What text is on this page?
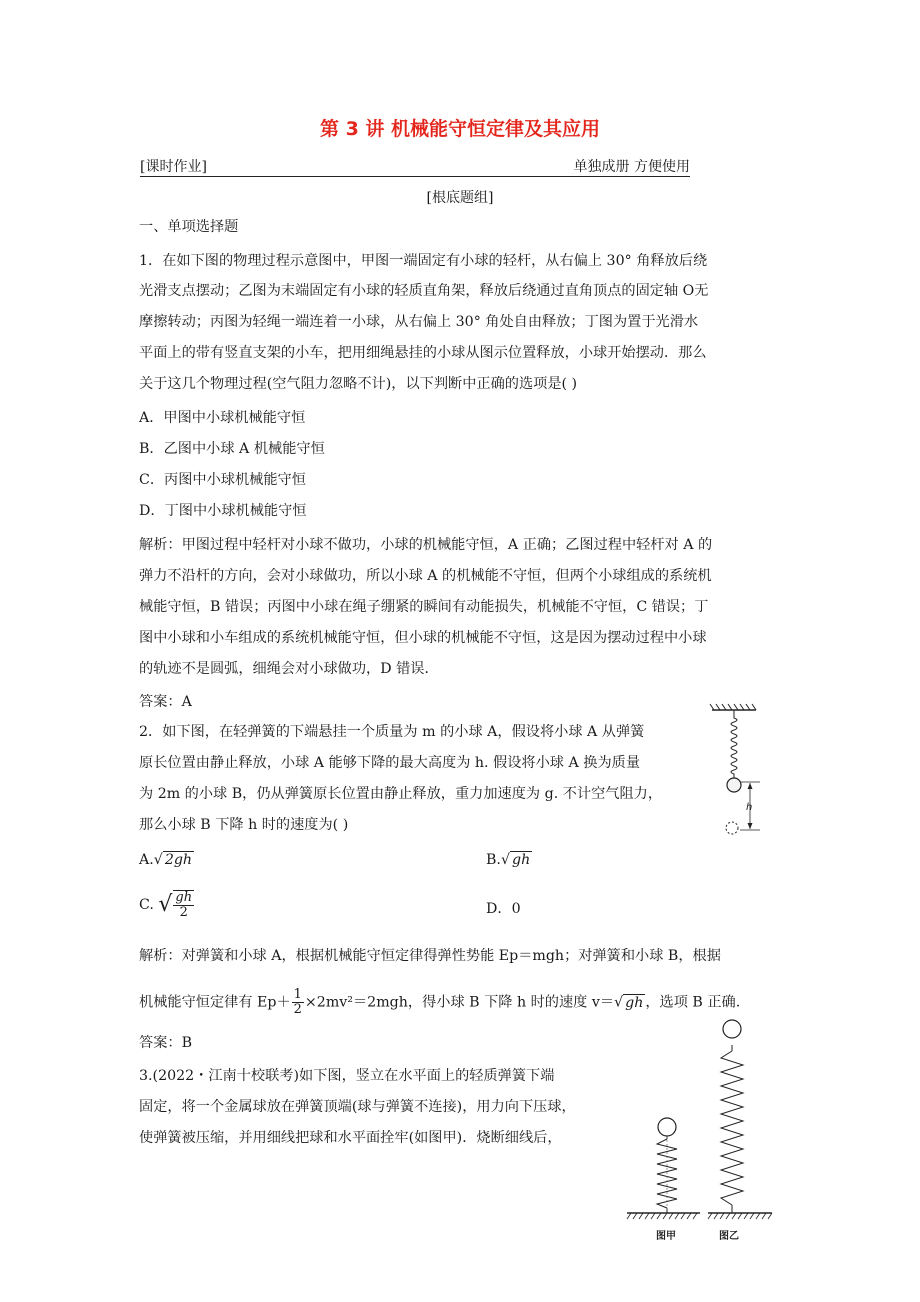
第 3 讲 机械能守恒定律及其应用
[课时作业]	单独成册 方便使用
[根底题组]
一、单项选择题
1．在如下图的物理过程示意图中，甲图一端固定有小球的轻杆，从右偏上 30° 角释放后绕
光滑支点摆动；乙图为末端固定有小球的轻质直角架，释放后绕通过直角顶点的固定轴 O无
摩擦转动；丙图为轻绳一端连着一小球，从右偏上 30° 角处自由释放；丁图为置于光滑水
平面上的带有竖直支架的小车，把用细绳悬挂的小球从图示位置释放，小球开始摆动．那么
关于这几个物理过程(空气阻力忽略不计)，以下判断中正确的选项是( )
A．甲图中小球机械能守恒
B．乙图中小球 A 机械能守恒
C．丙图中小球机械能守恒
D．丁图中小球机械能守恒
解析：甲图过程中轻杆对小球不做功，小球的机械能守恒，A 正确；乙图过程中轻杆对 A 的
弹力不沿杆的方向，会对小球做功，所以小球 A 的机械能不守恒，但两个小球组成的系统机
械能守恒，B 错误；丙图中小球在绳子绷紧的瞬间有动能损失，机械能不守恒，C 错误；丁
图中小球和小车组成的系统机械能守恒，但小球的机械能不守恒，这是因为摆动过程中小球
的轨迹不是圆弧，细绳会对小球做功，D 错误．
答案：A
2．如下图，在轻弹簧的下端悬挂一个质量为 m 的小球 A，假设将小球 A 从弹簧
原长位置由静止释放，小球 A 能够下降的最大高度为 h. 假设将小球 A 换为质量
为 2m 的小球 B，仍从弹簧原长位置由静止释放，重力加速度为 g. 不计空气阻力，
那么小球 B 下降 h 时的速度为( )
h
A.√ 2gh	B.√ gh
C. √ $\frac{gh}{2}$	D．0
解析：对弹簧和小球 A，根据机械能守恒定律得弹性势能 Ep＝mgh；对弹簧和小球 B，根据
机械能守恒定律有 $Ep+ \frac{1}{2} \times 2mv^2=2mgh$，得小球 B 下降 h 时的速度 v＝√ gh ，选项 B 正确.
答案：B
3.(2022・江南十校联考)如下图，竖立在水平面上的轻质弹簧下端
固定，将一个金属球放在弹簧顶端(球与弹簧不连接)，用力向下压球，
使弹簧被压缩，并用细线把球和水平面拴牢(如图甲)．烧断细线后，
图甲	图乙
